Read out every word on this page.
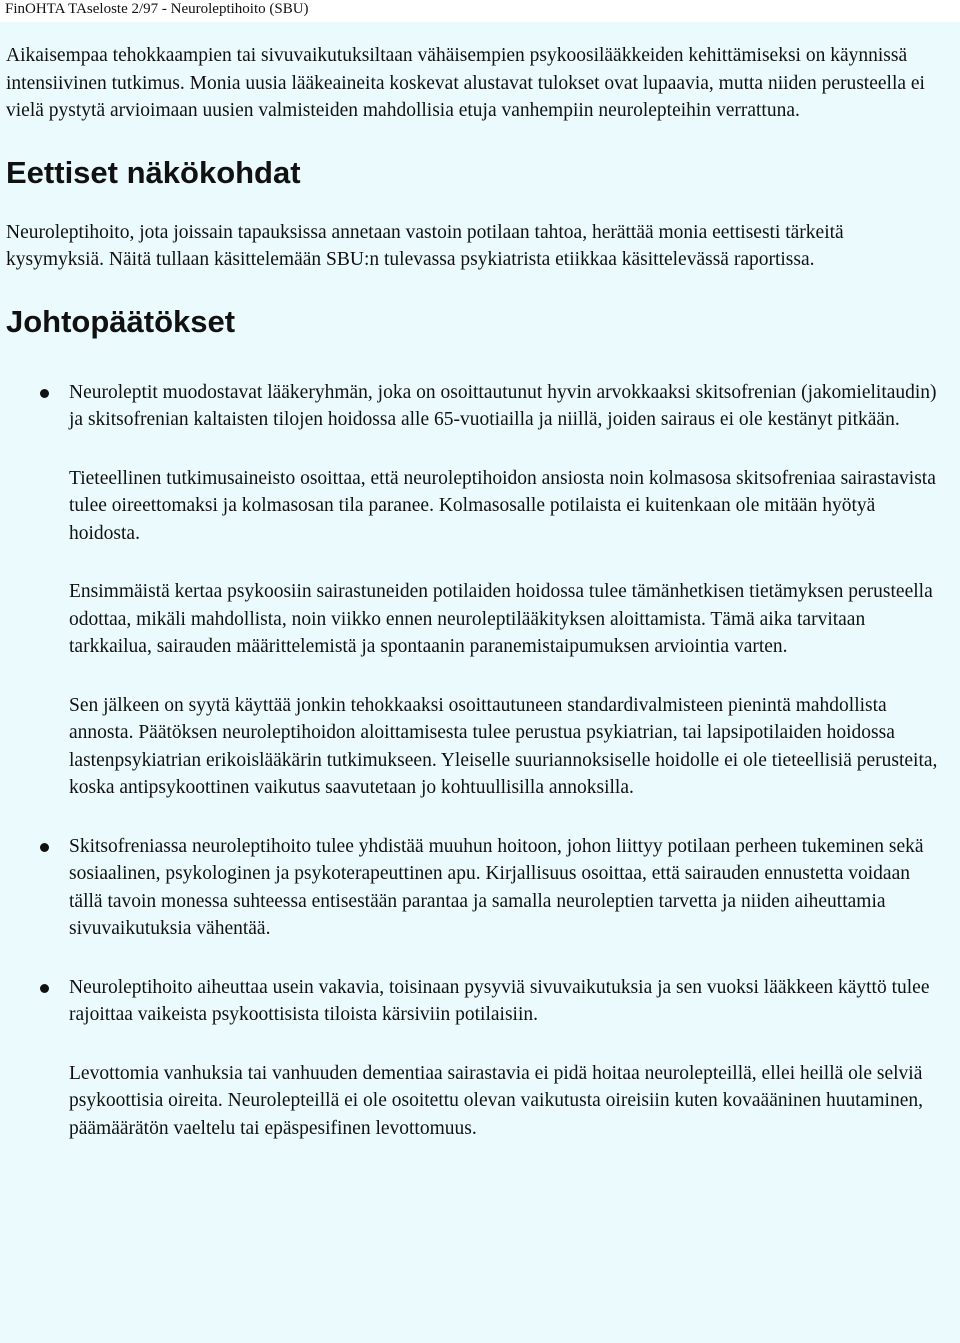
FinOHTA TAseloste 2/97 - Neuroleptihoito (SBU)

Aikaisempaa tehokkaampien tai sivuvaikutuksiltaan vähäisempien psykoosilääkkeiden kehittämiseksi on käynnissä intensiivinen tutkimus. Monia uusia lääkeaineita koskevat alustavat tulokset ovat lupaavia, mutta niiden perusteella ei vielä pystytä arvioimaan uusien valmisteiden mahdollisia etuja vanhempiin neurolepteihin verrattuna.

Eettiset näkökohdat

Neuroleptihoito, jota joissain tapauksissa annetaan vastoin potilaan tahtoa, herättää monia eettisesti tärkeitä kysymyksiä. Näitä tullaan käsittelemään SBU:n tulevassa psykiatrista etiikkaa käsittelevässä raportissa.

Johtopäätökset

Neuroleptit muodostavat lääkeryhmän, joka on osoittautunut hyvin arvokkaaksi skitsofrenian (jakomielitaudin) ja skitsofrenian kaltaisten tilojen hoidossa alle 65-vuotiailla ja niillä, joiden sairaus ei ole kestänyt pitkään.

Tieteellinen tutkimusaineisto osoittaa, että neuroleptihoidon ansiosta noin kolmasosa skitsofreniaa sairastavista tulee oireettomaksi ja kolmasosan tila paranee. Kolmasosalle potilaista ei kuitenkaan ole mitään hyötyä hoidosta.

Ensimmäistä kertaa psykoosiin sairastuneiden potilaiden hoidossa tulee tämänhetkisen tietämyksen perusteella odottaa, mikäli mahdollista, noin viikko ennen neuroleptilääkityksen aloittamista. Tämä aika tarvitaan tarkkailua, sairauden määrittelemistä ja spontaanin paranemistaipumuksen arviointia varten.

Sen jälkeen on syytä käyttää jonkin tehokkaaksi osoittautuneen standardivalmisteen pienintä mahdollista annosta. Päätöksen neuroleptihoidon aloittamisesta tulee perustua psykiatrian, tai lapsipotilaiden hoidossa lastenpsykiatrian erikoislääkärin tutkimukseen. Yleiselle suuriannoksiselle hoidolle ei ole tieteellisiä perusteita, koska antipsykoottinen vaikutus saavutetaan jo kohtuullisilla annoksilla.

Skitsofreniassa neuroleptihoito tulee yhdistää muuhun hoitoon, johon liittyy potilaan perheen tukeminen sekä sosiaalinen, psykologinen ja psykoterapeuttinen apu. Kirjallisuus osoittaa, että sairauden ennustetta voidaan tällä tavoin monessa suhteessa entisestään parantaa ja samalla neuroleptien tarvetta ja niiden aiheuttamia sivuvaikutuksia vähentää.

Neuroleptihoito aiheuttaa usein vakavia, toisinaan pysyviä sivuvaikutuksia ja sen vuoksi lääkkeen käyttö tulee rajoittaa vaikeista psykoottisista tiloista kärsiviin potilaisiin.

Levottomia vanhuksia tai vanhuuden dementiaa sairastavia ei pidä hoitaa neurolepteillä, ellei heillä ole selviä psykoottisia oireita. Neurolepteillä ei ole osoitettu olevan vaikutusta oireisiin kuten kovaääninen huutaminen, päämäärätön vaeltelu tai epäspesifinen levottomuus.
